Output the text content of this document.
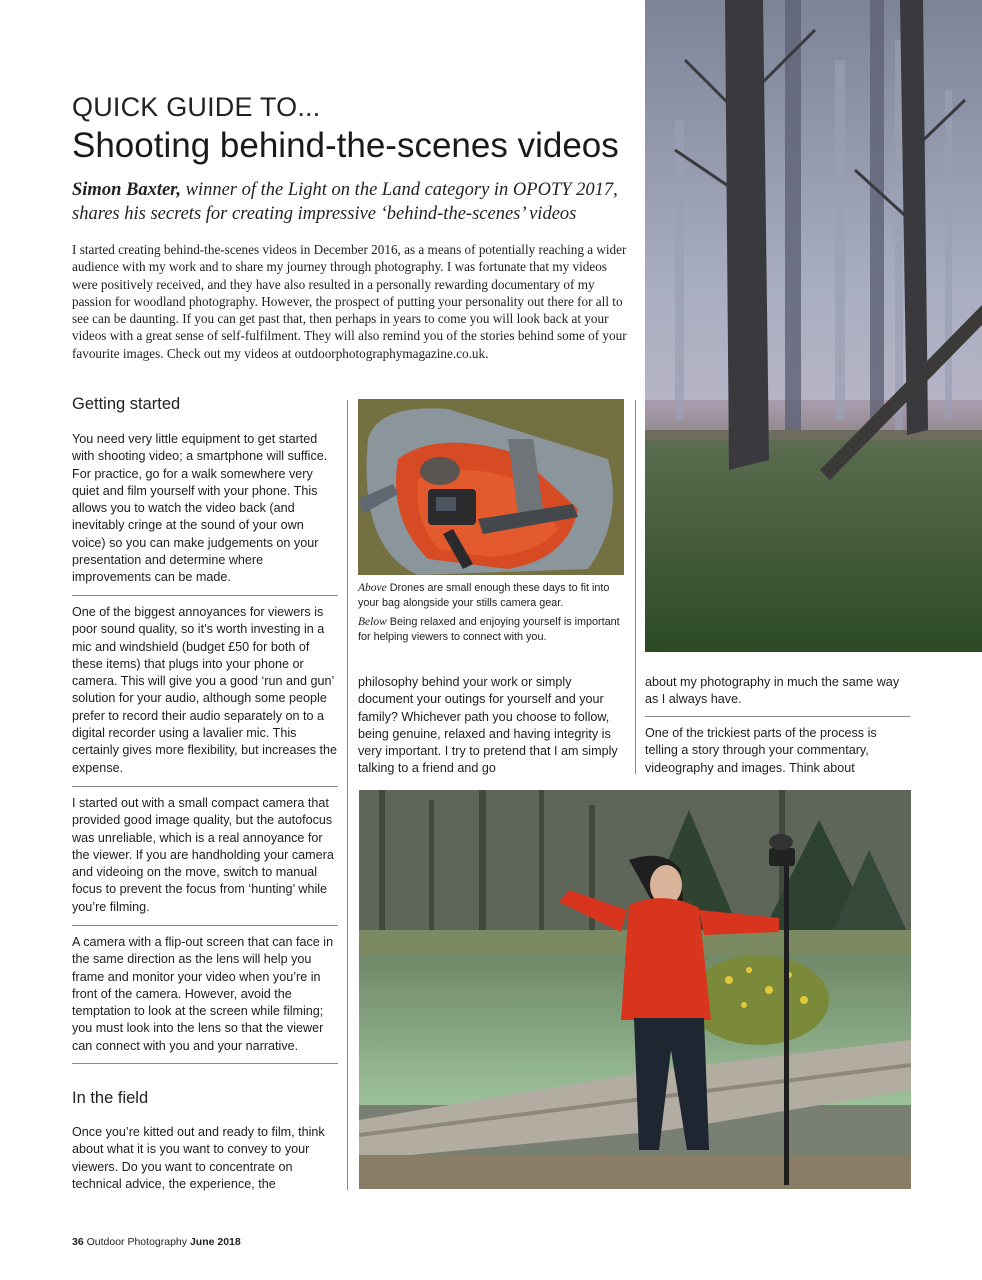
QUICK GUIDE TO...
Shooting behind-the-scenes videos
Simon Baxter, winner of the Light on the Land category in OPOTY 2017, shares his secrets for creating impressive ‘behind-the-scenes’ videos
I started creating behind-the-scenes videos in December 2016, as a means of potentially reaching a wider audience with my work and to share my journey through photography. I was fortunate that my videos were positively received, and they have also resulted in a personally rewarding documentary of my passion for woodland photography. However, the prospect of putting your personality out there for all to see can be daunting. If you can get past that, then perhaps in years to come you will look back at your videos with a great sense of self-fulfilment. They will also remind you of the stories behind some of your favourite images. Check out my videos at outdoorphotographymagazine.co.uk.
Getting started

You need very little equipment to get started with shooting video; a smartphone will suffice. For practice, go for a walk somewhere very quiet and film yourself with your phone. This allows you to watch the video back (and inevitably cringe at the sound of your own voice) so you can make judgements on your presentation and determine where improvements can be made.

One of the biggest annoyances for viewers is poor sound quality, so it’s worth investing in a mic and windshield (budget £50 for both of these items) that plugs into your phone or camera. This will give you a good ‘run and gun’ solution for your audio, although some people prefer to record their audio separately on to a digital recorder using a lavalier mic. This certainly gives more flexibility, but increases the expense.

I started out with a small compact camera that provided good image quality, but the autofocus was unreliable, which is a real annoyance for the viewer. If you are handholding your camera and videoing on the move, switch to manual focus to prevent the focus from ‘hunting’ while you’re filming.

A camera with a flip-out screen that can face in the same direction as the lens will help you frame and monitor your video when you’re in front of the camera. However, avoid the temptation to look at the screen while filming; you must look into the lens so that the viewer can connect with you and your narrative.

In the field

Once you’re kitted out and ready to film, think about what it is you want to convey to your viewers. Do you want to concentrate on technical advice, the experience, the

Above Drones are small enough these days to fit into your bag alongside your stills camera gear.
Below Being relaxed and enjoying yourself is important for helping viewers to connect with you.

philosophy behind your work or simply document your outings for yourself and your family? Whichever path you choose to follow, being genuine, relaxed and having integrity is very important. I try to pretend that I am simply talking to a friend and go

about my photography in much the same way as I always have.

One of the trickiest parts of the process is telling a story through your commentary, videography and images. Think about

36 Outdoor Photography June 2018
